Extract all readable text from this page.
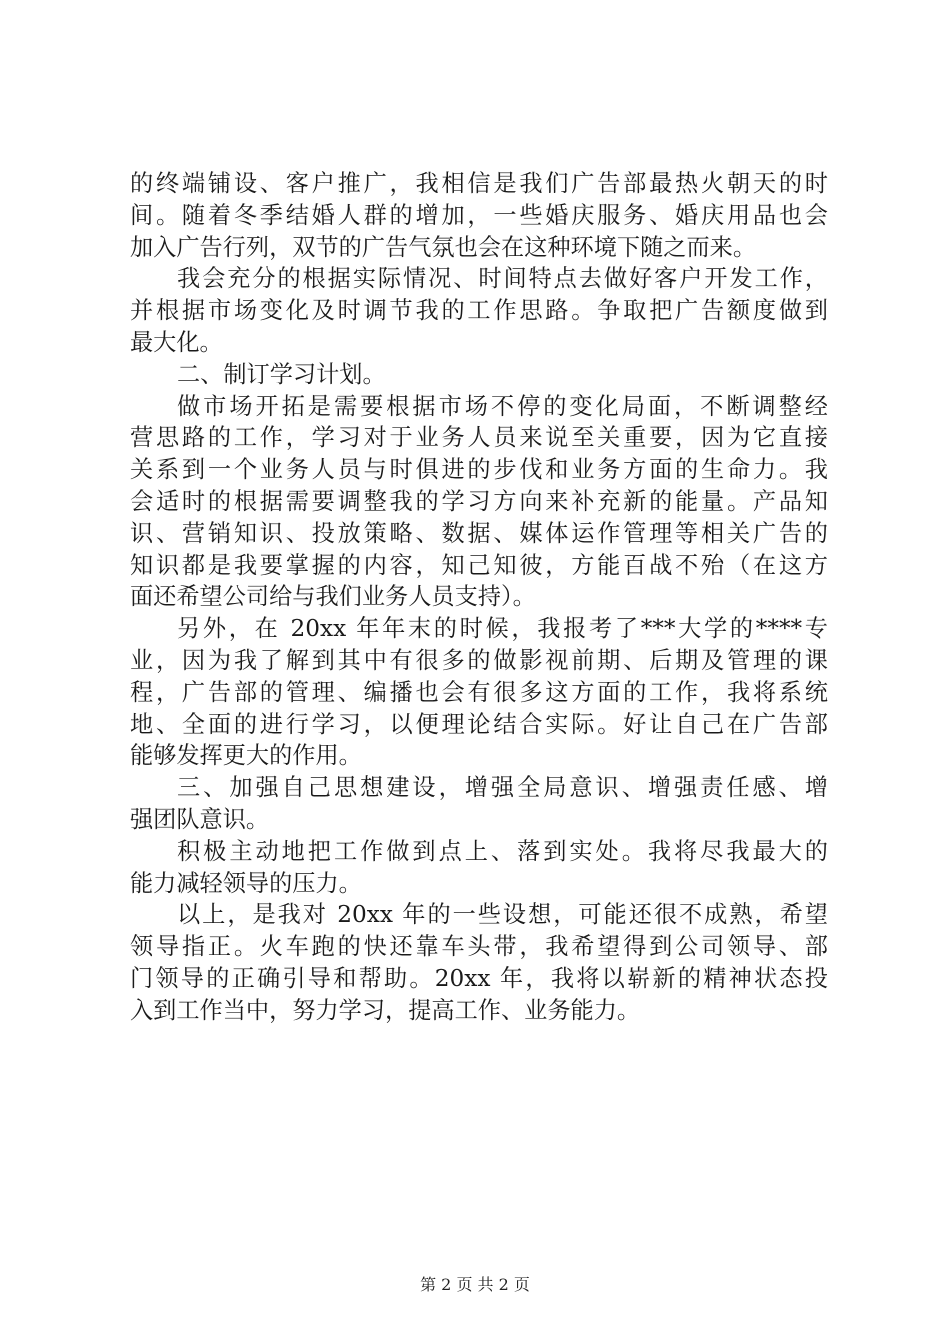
的终端铺设、客户推广，我相信是我们广告部最热火朝天的时
间。随着冬季结婚人群的增加，一些婚庆服务、婚庆用品也会
加入广告行列，双节的广告气氛也会在这种环境下随之而来。
我会充分的根据实际情况、时间特点去做好客户开发工作，
并根据市场变化及时调节我的工作思路。争取把广告额度做到
最大化。
二、制订学习计划。
做市场开拓是需要根据市场不停的变化局面，不断调整经
营思路的工作，学习对于业务人员来说至关重要，因为它直接
关系到一个业务人员与时俱进的步伐和业务方面的生命力。我
会适时的根据需要调整我的学习方向来补充新的能量。产品知
识、营销知识、投放策略、数据、媒体运作管理等相关广告的
知识都是我要掌握的内容，知己知彼，方能百战不殆（在这方
面还希望公司给与我们业务人员支持）。
另外，在 20xx 年年末的时候，我报考了***大学的****专
业，因为我了解到其中有很多的做影视前期、后期及管理的课
程，广告部的管理、编播也会有很多这方面的工作，我将系统
地、全面的进行学习，以便理论结合实际。好让自己在广告部
能够发挥更大的作用。
三、加强自己思想建设，增强全局意识、增强责任感、增
强团队意识。
积极主动地把工作做到点上、落到实处。我将尽我最大的
能力减轻领导的压力。
以上，是我对 20xx 年的一些设想，可能还很不成熟，希望
领导指正。火车跑的快还靠车头带，我希望得到公司领导、部
门领导的正确引导和帮助。20xx 年，我将以崭新的精神状态投
入到工作当中，努力学习，提高工作、业务能力。
第 2 页 共 2 页
